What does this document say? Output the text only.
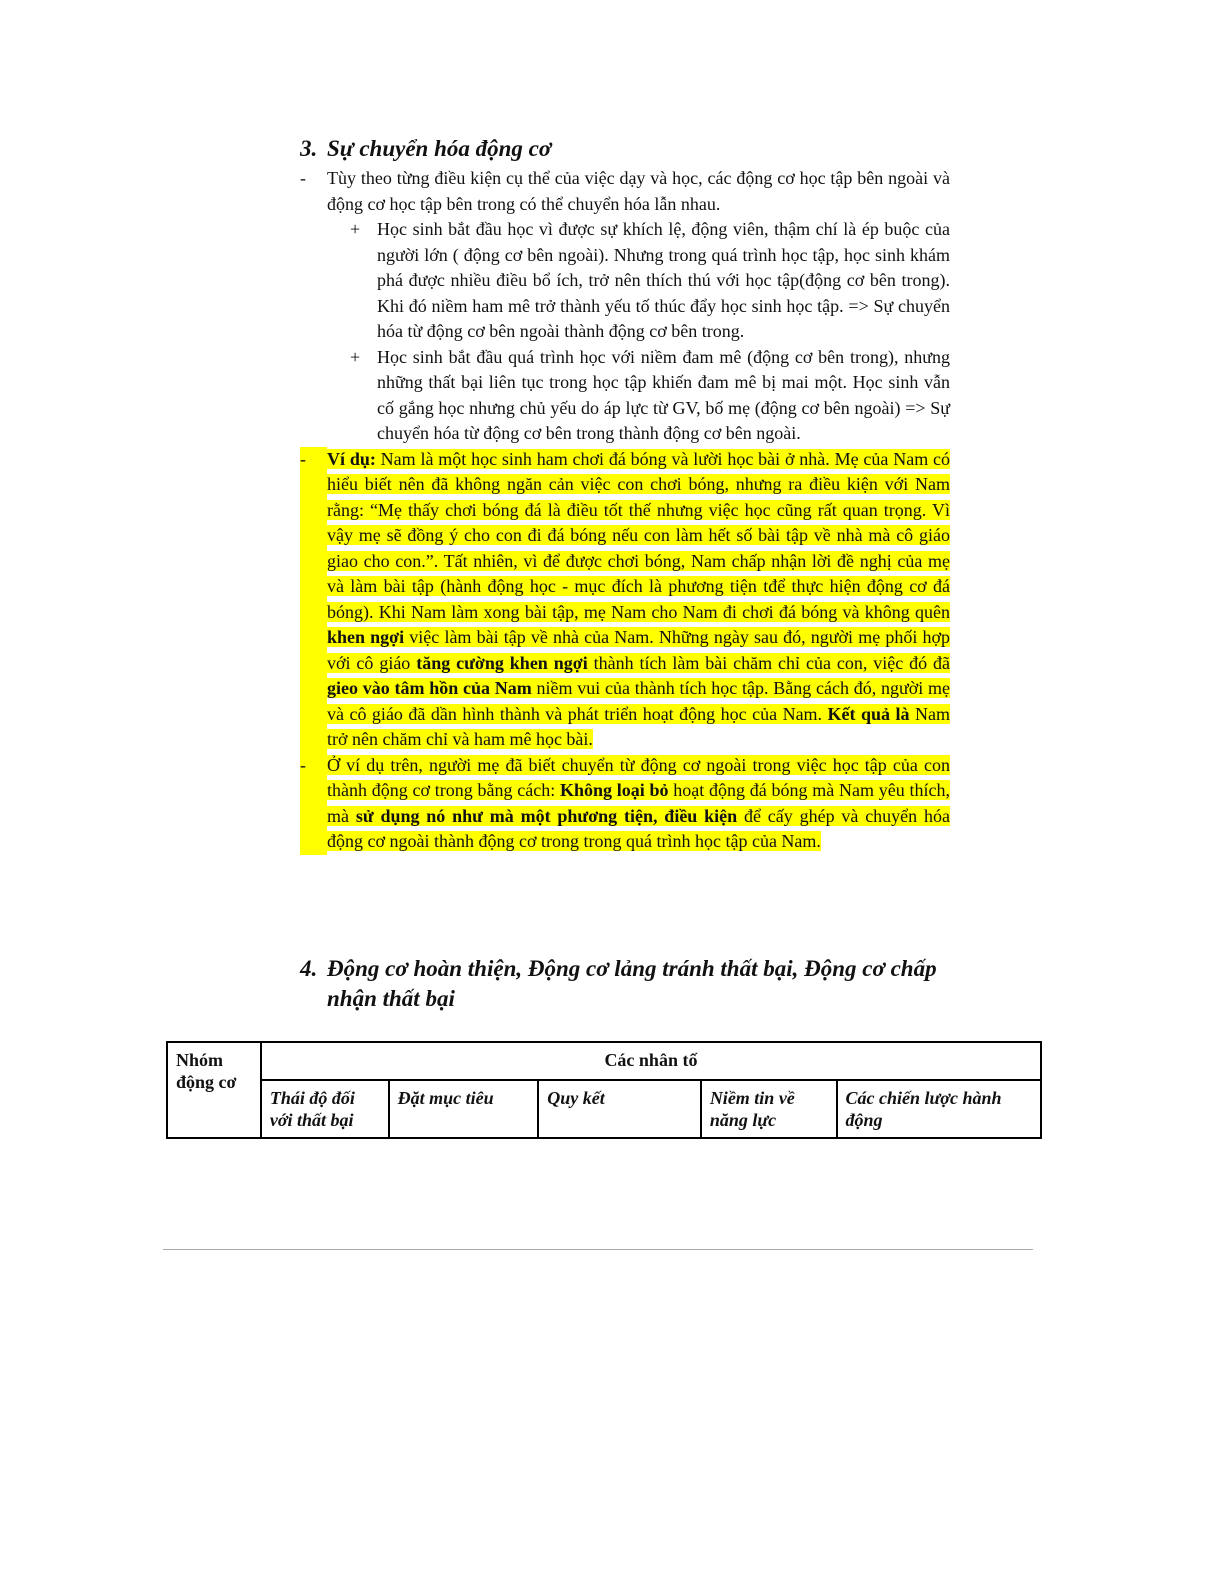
3. Sự chuyển hóa động cơ
-	Tùy theo từng điều kiện cụ thể của việc dạy và học, các động cơ học tập bên ngoài và động cơ học tập bên trong có thể chuyển hóa lẫn nhau.
+ Học sinh bắt đầu học vì được sự khích lệ, động viên, thậm chí là ép buộc của người lớn ( động cơ bên ngoài). Nhưng trong quá trình học tập, học sinh khám phá được nhiều điều bổ ích, trở nên thích thú với học tập(động cơ bên trong). Khi đó niềm ham mê trở thành yếu tố thúc đẩy học sinh học tập. => Sự chuyển hóa từ động cơ bên ngoài thành động cơ bên trong.
+ Học sinh bắt đầu quá trình học với niềm đam mê (động cơ bên trong), nhưng những thất bại liên tục trong học tập khiến đam mê bị mai một. Học sinh vẫn cố gắng học nhưng chủ yếu do áp lực từ GV, bố mẹ (động cơ bên ngoài) => Sự chuyển hóa từ động cơ bên trong thành động cơ bên ngoài.
-	Ví dụ: Nam là một học sinh ham chơi đá bóng và lười học bài ở nhà. Mẹ của Nam có hiểu biết nên đã không ngăn cản việc con chơi bóng, nhưng ra điều kiện với Nam rằng: “Mẹ thấy chơi bóng đá là điều tốt thế nhưng việc học cũng rất quan trọng. Vì vậy mẹ sẽ đồng ý cho con đi đá bóng nếu con làm hết số bài tập về nhà mà cô giáo giao cho con.”. Tất nhiên, vì để được chơi bóng, Nam chấp nhận lời đề nghị của mẹ và làm bài tập (hành động học - mục đích là phương tiện tđể thực hiện động cơ đá bóng). Khi Nam làm xong bài tập, mẹ Nam cho Nam đi chơi đá bóng và không quên khen ngợi việc làm bài tập về nhà của Nam. Những ngày sau đó, người mẹ phối hợp với cô giáo tăng cường khen ngợi thành tích làm bài chăm chỉ của con, việc đó đã gieo vào tâm hồn của Nam niềm vui của thành tích học tập. Bằng cách đó, người mẹ và cô giáo đã dần hình thành và phát triển hoạt động học của Nam. Kết quả là Nam trở nên chăm chỉ và ham mê học bài.
-	Ở ví dụ trên, người mẹ đã biết chuyển từ động cơ ngoài trong việc học tập của con thành động cơ trong bằng cách: Không loại bỏ hoạt động đá bóng mà Nam yêu thích, mà sử dụng nó như mà một phương tiện, điều kiện để cấy ghép và chuyển hóa động cơ ngoài thành động cơ trong trong quá trình học tập của Nam.
4. Động cơ hoàn thiện, Động cơ lảng tránh thất bại, Động cơ chấp nhận thất bại
Nhóm động cơ	Các nhân tố				
	Thái độ đối với thất bại	Đặt mục tiêu	Quy kết	Niềm tin về năng lực	Các chiến lược hành động
